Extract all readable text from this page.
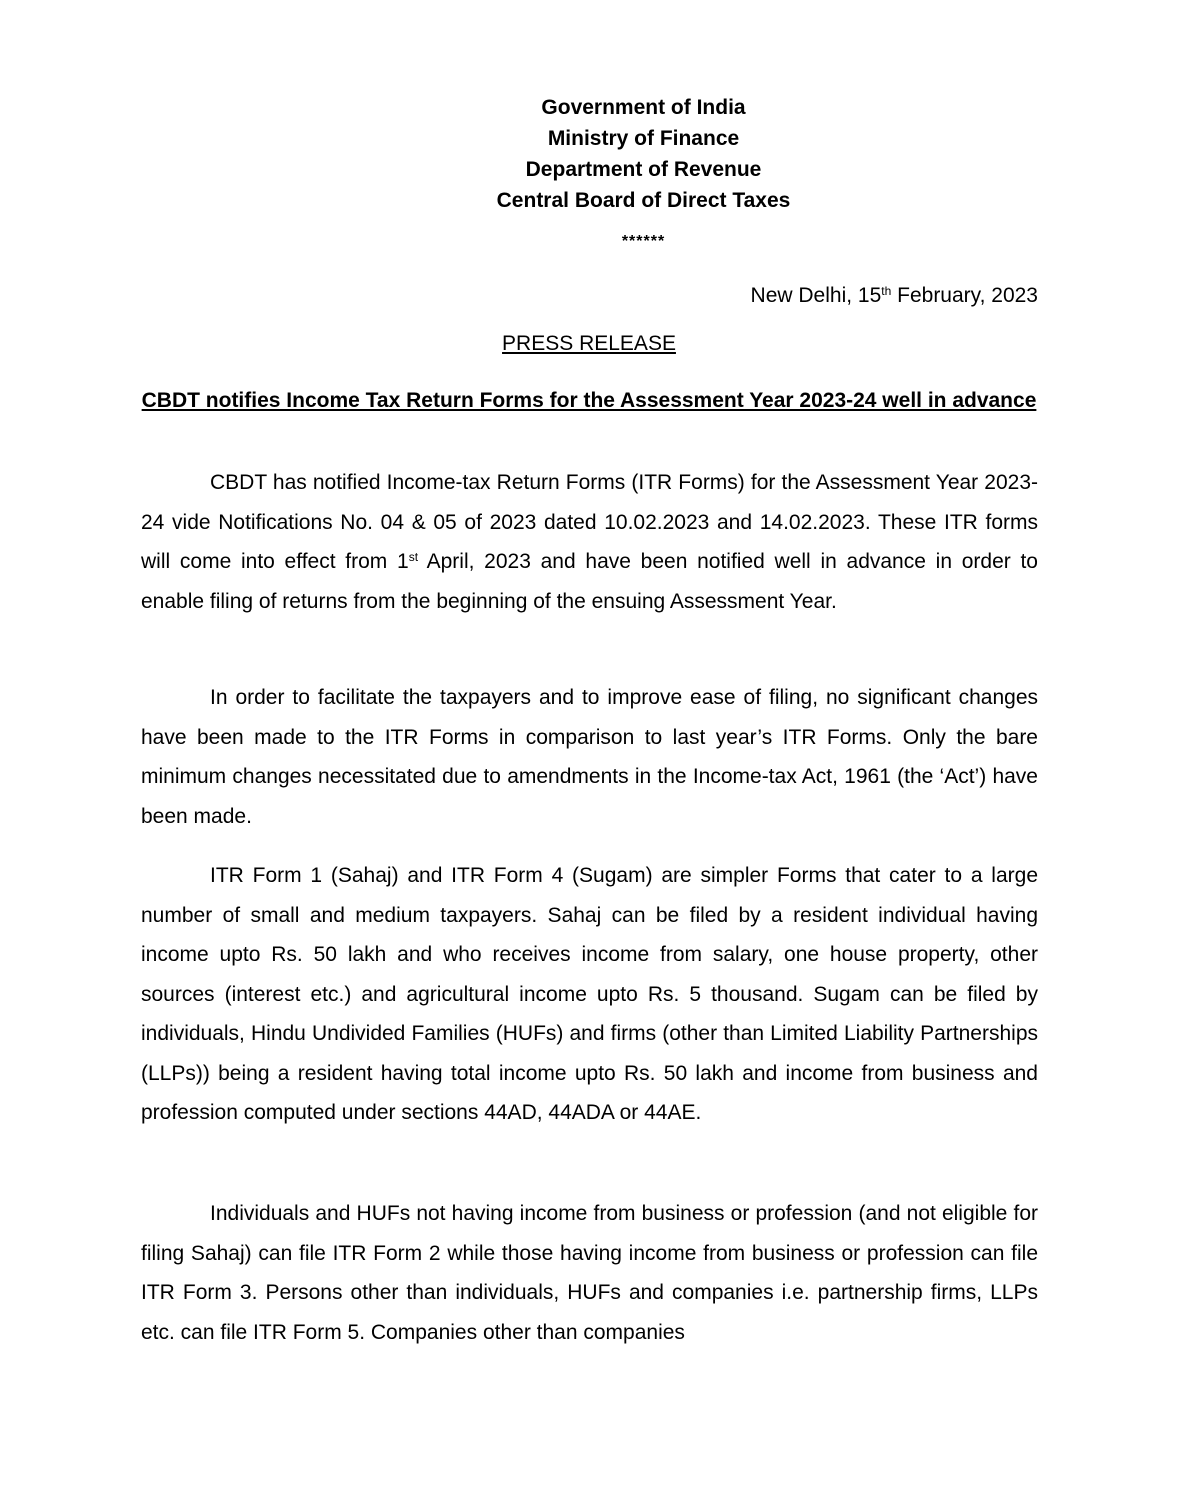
Government of India
Ministry of Finance
Department of Revenue
Central Board of Direct Taxes
******
New Delhi, 15th February, 2023
PRESS RELEASE
CBDT notifies Income Tax Return Forms for the Assessment Year 2023-24 well in advance

CBDT has notified Income-tax Return Forms (ITR Forms) for the Assessment Year 2023-24 vide Notifications No. 04 & 05 of 2023 dated 10.02.2023 and 14.02.2023. These ITR forms will come into effect from 1st April, 2023 and have been notified well in advance in order to enable filing of returns from the beginning of the ensuing Assessment Year.

In order to facilitate the taxpayers and to improve ease of filing, no significant changes have been made to the ITR Forms in comparison to last year’s ITR Forms. Only the bare minimum changes necessitated due to amendments in the Income-tax Act, 1961 (the ‘Act’) have been made.

ITR Form 1 (Sahaj) and ITR Form 4 (Sugam) are simpler Forms that cater to a large number of small and medium taxpayers. Sahaj can be filed by a resident individual having income upto Rs. 50 lakh and who receives income from salary, one house property, other sources (interest etc.) and agricultural income upto Rs. 5 thousand. Sugam can be filed by individuals, Hindu Undivided Families (HUFs) and firms (other than Limited Liability Partnerships (LLPs)) being a resident having total income upto Rs. 50 lakh and income from business and profession computed under sections 44AD, 44ADA or 44AE.

Individuals and HUFs not having income from business or profession (and not eligible for filing Sahaj) can file ITR Form 2 while those having income from business or profession can file ITR Form 3. Persons other than individuals, HUFs and companies i.e. partnership firms, LLPs etc. can file ITR Form 5. Companies other than companies
